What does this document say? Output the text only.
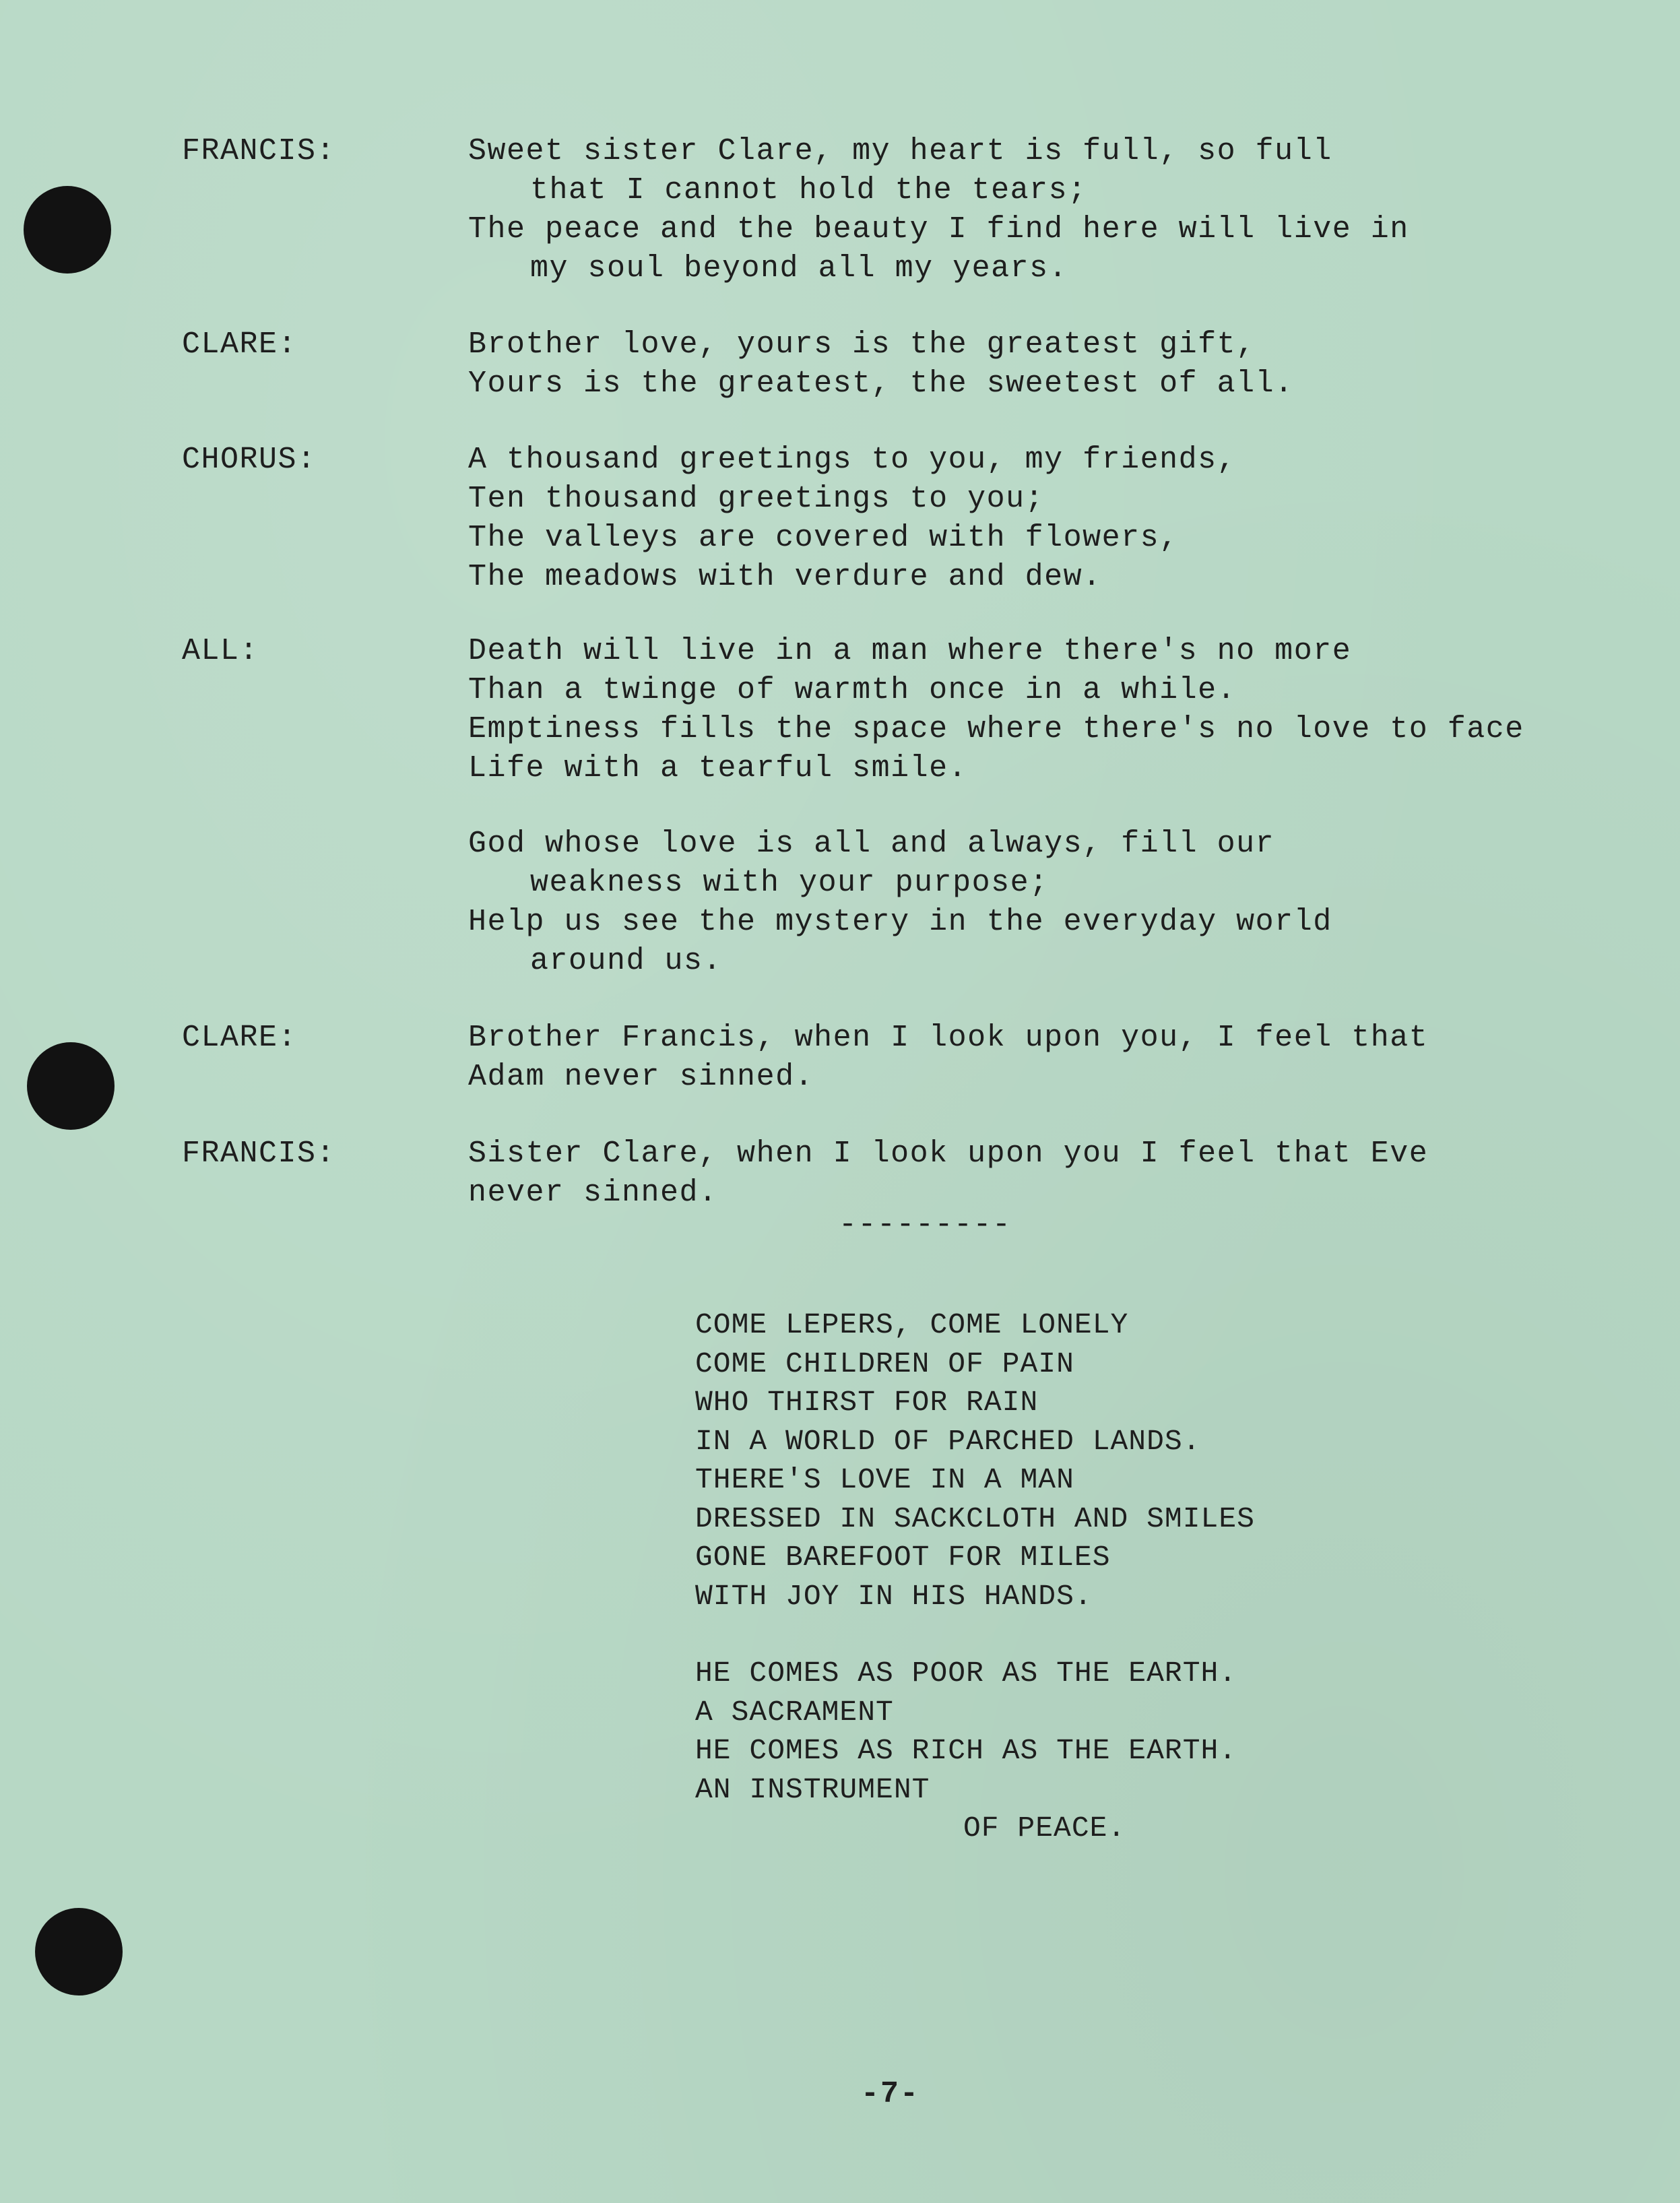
FRANCIS:	Sweet sister Clare, my heart is full, so full
that I cannot hold the tears;
The peace and the beauty I find here will live in
my soul beyond all my years.
CLARE:	Brother love, yours is the greatest gift,
Yours is the greatest, the sweetest of all.
CHORUS:	A thousand greetings to you, my friends,
Ten thousand greetings to you;
The valleys are covered with flowers,
The meadows with verdure and dew.
ALL:	Death will live in a man where there's no more
Than a twinge of warmth once in a while.
Emptiness fills the space where there's no love to face
Life with a tearful smile.
God whose love is all and always, fill our
weakness with your purpose;
Help us see the mystery in the everyday world
around us.
CLARE:	Brother Francis, when I look upon you, I feel that
Adam never sinned.
FRANCIS:	Sister Clare, when I look upon you I feel that Eve
never sinned.
---------
COME LEPERS, COME LONELY
COME CHILDREN OF PAIN
WHO THIRST FOR RAIN
IN A WORLD OF PARCHED LANDS.
THERE'S LOVE IN A MAN
DRESSED IN SACKCLOTH AND SMILES
GONE BAREFOOT FOR MILES
WITH JOY IN HIS HANDS.
HE COMES AS POOR AS THE EARTH.
A SACRAMENT
HE COMES AS RICH AS THE EARTH.
AN INSTRUMENT
OF PEACE.
-7-
